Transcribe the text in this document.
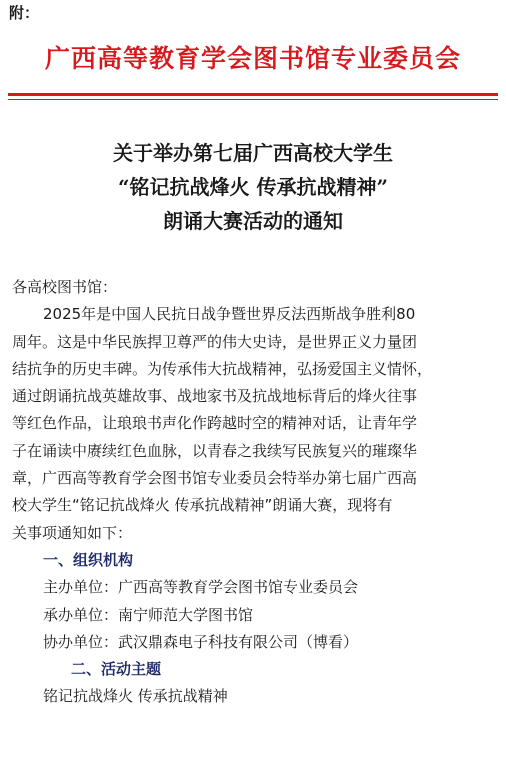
附：
广西高等教育学会图书馆专业委员会
关于举办第七届广西高校大学生
“铭记抗战烽火 传承抗战精神”
朗诵大赛活动的通知

各高校图书馆：

2025年是中国人民抗日战争暨世界反法西斯战争胜利80
周年。这是中华民族捍卫尊严的伟大史诗，是世界正义力量团
结抗争的历史丰碑。为传承伟大抗战精神，弘扬爱国主义情怀，
通过朗诵抗战英雄故事、战地家书及抗战地标背后的烽火往事
等红色作品，让琅琅书声化作跨越时空的精神对话，让青年学
子在诵读中赓续红色血脉，以青春之我续写民族复兴的璀璨华
章，广西高等教育学会图书馆专业委员会特举办第七届广西高
校大学生“铭记抗战烽火 传承抗战精神”朗诵大赛，现将有
关事项通知如下：

一、组织机构

主办单位：广西高等教育学会图书馆专业委员会

承办单位：南宁师范大学图书馆

协办单位：武汉鼎森电子科技有限公司（博看）

二、活动主题

铭记抗战烽火 传承抗战精神
